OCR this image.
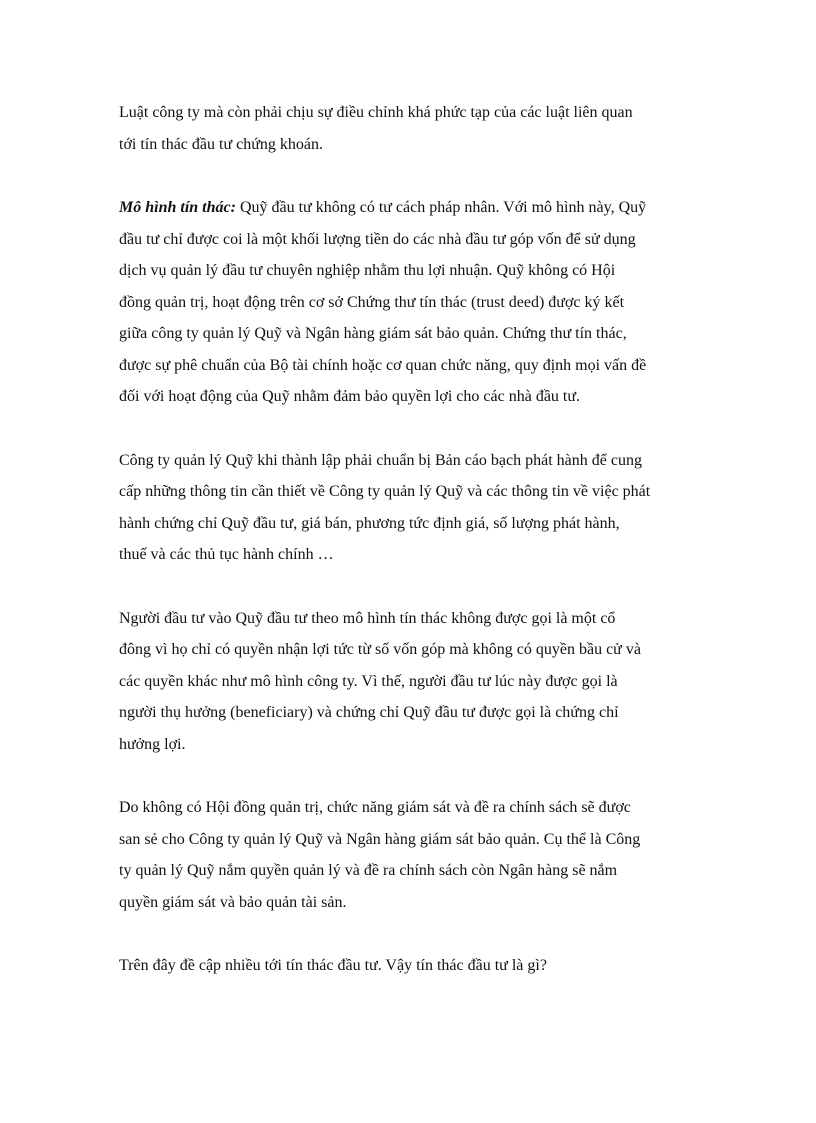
Luật công ty mà còn phải chịu sự điều chỉnh khá phức tạp của các luật liên quan
tới tín thác đầu tư chứng khoán.

Mô hình tín thác: Quỹ đầu tư không có tư cách pháp nhân. Với mô hình này, Quỹ
đầu tư chỉ được coi là một khối lượng tiền do các nhà đầu tư góp vốn để sử dụng
dịch vụ quản lý đầu tư chuyên nghiệp nhằm thu lợi nhuận. Quỹ không có Hội
đồng quản trị, hoạt động trên cơ sở Chứng thư tín thác (trust deed) được ký kết
giữa công ty quản lý Quỹ và Ngân hàng giám sát bảo quản. Chứng thư tín thác,
được sự phê chuẩn của Bộ tài chính hoặc cơ quan chức năng, quy định mọi vấn đề
đối với hoạt động của Quỹ nhằm đảm bảo quyền lợi cho các nhà đầu tư.

Công ty quản lý Quỹ khi thành lập phải chuẩn bị Bản cáo bạch phát hành để cung
cấp những thông tin cần thiết về Công ty quản lý Quỹ và các thông tin về việc phát
hành chứng chỉ Quỹ đầu tư, giá bán, phương tức định giá, số lượng phát hành,
thuế và các thủ tục hành chính …

Người đầu tư vào Quỹ đầu tư theo mô hình tín thác không được gọi là một cổ
đông vì họ chỉ có quyền nhận lợi tức từ số vốn góp mà không có quyền bầu cử và
các quyền khác như mô hình công ty. Vì thế, người đầu tư lúc này được gọi là
người thụ hưởng (beneficiary) và chứng chỉ Quỹ đầu tư được gọi là chứng chỉ
hưởng lợi.

Do không có Hội đồng quản trị, chức năng giám sát và đề ra chính sách sẽ được
san sẻ cho Công ty quản lý Quỹ và Ngân hàng giám sát bảo quản. Cụ thể là Công
ty quản lý Quỹ nắm quyền quản lý và đề ra chính sách còn Ngân hàng sẽ nắm
quyền giám sát và bảo quản tài sản.

Trên đây đề cập nhiều tới tín thác đầu tư. Vậy tín thác đầu tư là gì?
